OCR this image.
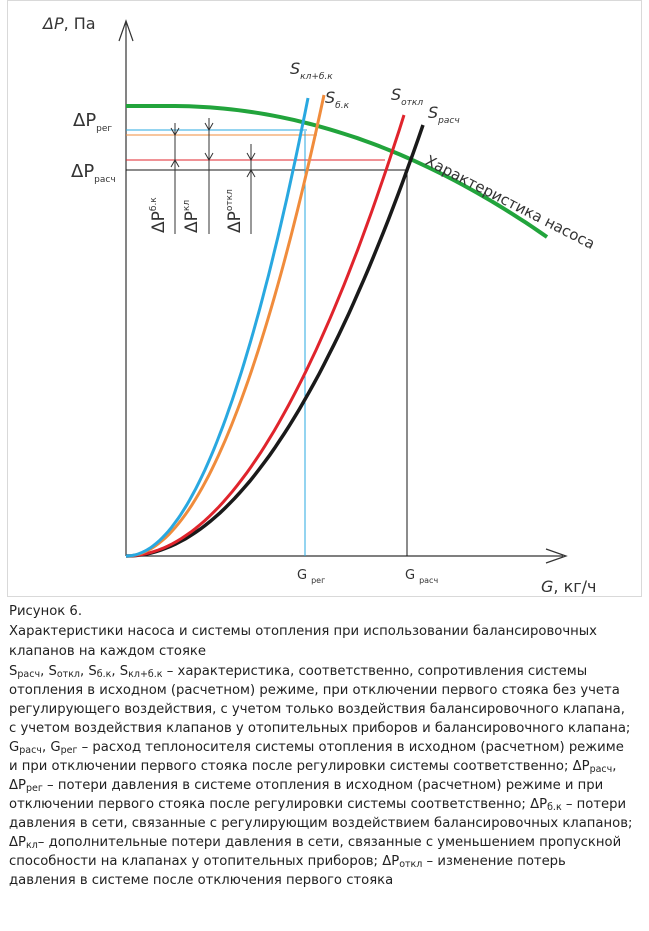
ΔP, Па
G, кг/ч
$S_{кл+б.к}$
$S_{б.к}$
$S_{откл}$ $S_{расч}$
$\Delta P_{рег}$
$\Delta P_{расч}$
$\Delta P^{б.к}$
$\Delta P^{кл}$
$\Delta P^{откл}$
G $_{рег}$	G $_{расч}$
Характеристика насоса

Рисунок 6.

Характеристики насоса и системы отопления при использовании балансировочных клапанов на каждом стояке

$S_{расч}$, $S_{откл}$, $S_{б.к}$, $S_{кл+б.к}$ – характеристика, соответственно, сопротивления системы отопления в исходном (расчетном) режиме, при отключении первого стояка без учета регулирующего воздействия, с учетом только воздействия балансировочного клапана, с учетом воздействия клапанов у отопительных приборов и балансировочного клапана; $G_{расч}$, $G_{рег}$ – расход теплоносителя системы отопления в исходном (расчетном) режиме и при отключении первого стояка после регулировки системы соответственно; $\Delta P_{расч}$, $\Delta P_{рег}$ – потери давления в системе отопления в исходном (расчетном) режиме и при отключении первого стояка после регулировки системы соответственно; $\Delta P_{б.к}$ – потери давления в сети, связанные с регулирующим воздействием балансировочных клапанов; $\Delta P_{кл}-$ дополнительные потери давления в сети, связанные с уменьшением пропускной способности на клапанах у отопительных приборов; $\Delta P_{откл}$ – изменение потерь давления в системе после отключения первого стояка
